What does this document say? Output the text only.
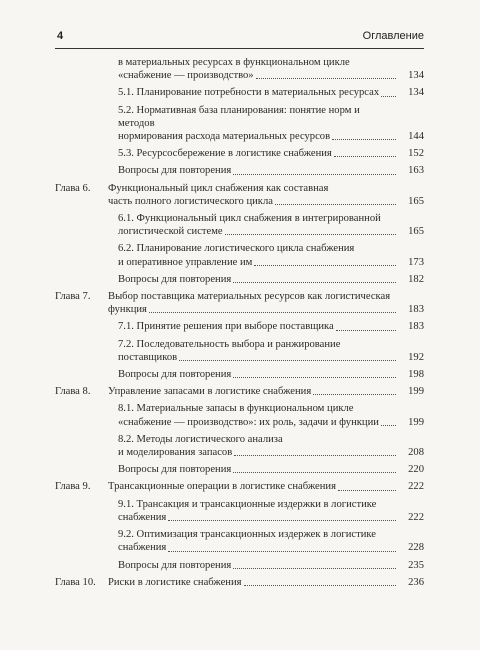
4	Оглавление
в материальных ресурсах в функциональном цикле
«снабжение — производство»	134
5.1. Планирование потребности в материальных ресурсах	134
5.2. Нормативная база планирования: понятие норм и методов
нормирования расхода материальных ресурсов	144
5.3. Ресурсосбережение в логистике снабжения	152
Вопросы для повторения	163
Глава 6.	Функциональный цикл снабжения как составная
часть полного логистического цикла	165
6.1. Функциональный цикл снабжения в интегрированной
логистической системе	165
6.2. Планирование логистического цикла снабжения
и оперативное управление им	173
Вопросы для повторения	182
Глава 7.	Выбор поставщика материальных ресурсов как логистическая
функция	183
7.1. Принятие решения при выборе поставщика	183
7.2. Последовательность выбора и ранжирование
поставщиков	192
Вопросы для повторения	198
Глава 8.	Управление запасами в логистике снабжения	199
8.1. Материальные запасы в функциональном цикле
«снабжение — производство»: их роль, задачи и функции	199
8.2. Методы логистического анализа
и моделирования запасов	208
Вопросы для повторения	220
Глава 9.	Трансакционные операции в логистике снабжения	222
9.1. Трансакция и трансакционные издержки в логистике
снабжения	222
9.2. Оптимизация трансакционных издержек в логистике
снабжения	228
Вопросы для повторения	235
Глава 10.	Риски в логистике снабжения	236
